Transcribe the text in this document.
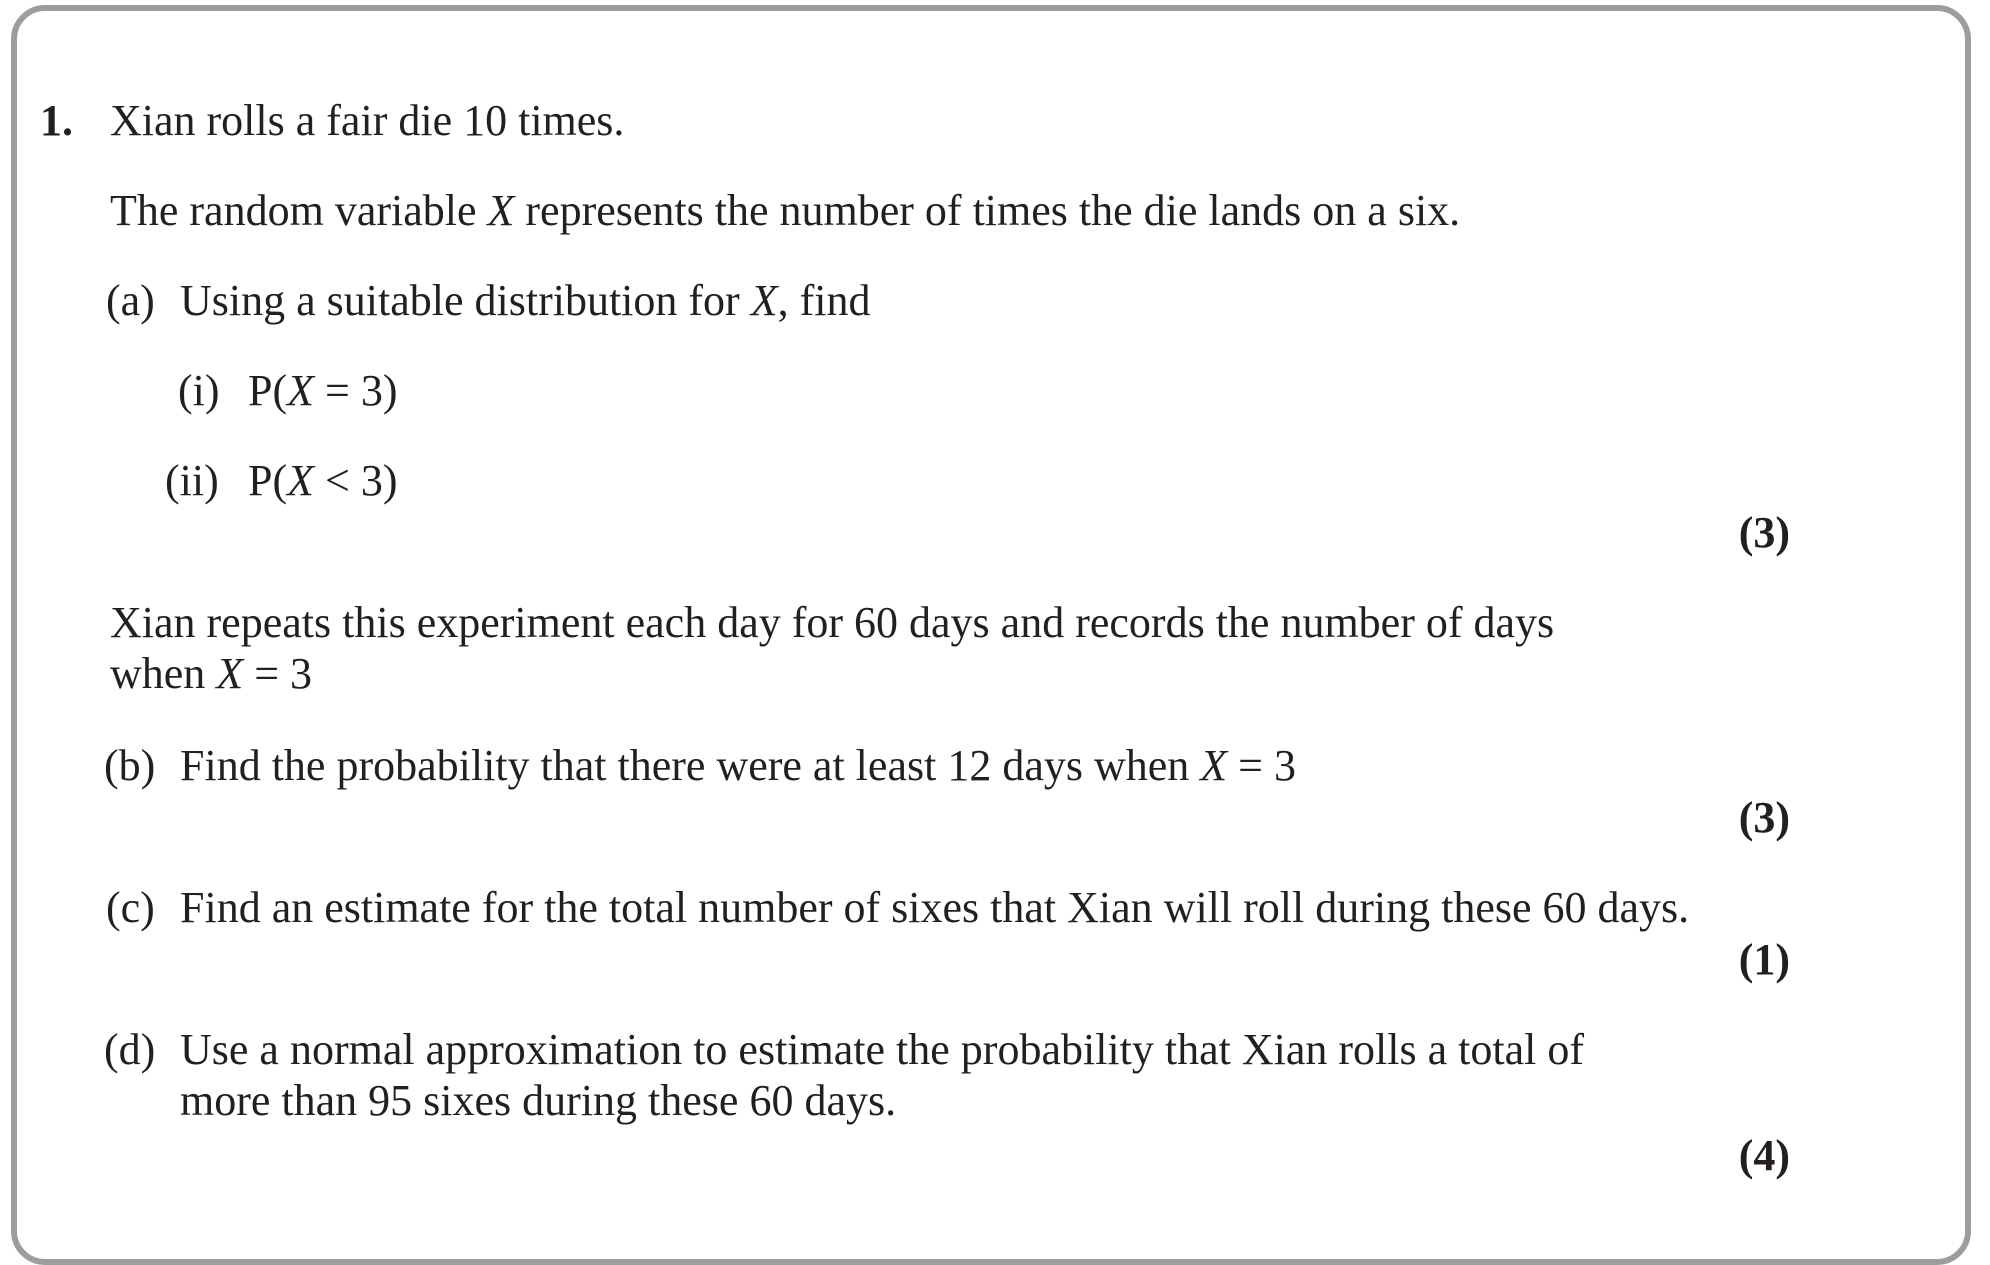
1. Xian rolls a fair die 10 times.
The random variable X represents the number of times the die lands on a six.
(a) Using a suitable distribution for X, find
(i) P(X = 3)
(ii) P(X < 3)
(3)
Xian repeats this experiment each day for 60 days and records the number of days
when X = 3
(b) Find the probability that there were at least 12 days when X = 3
(3)
(c) Find an estimate for the total number of sixes that Xian will roll during these 60 days.
(1)
(d) Use a normal approximation to estimate the probability that Xian rolls a total of
more than 95 sixes during these 60 days.
(4)
